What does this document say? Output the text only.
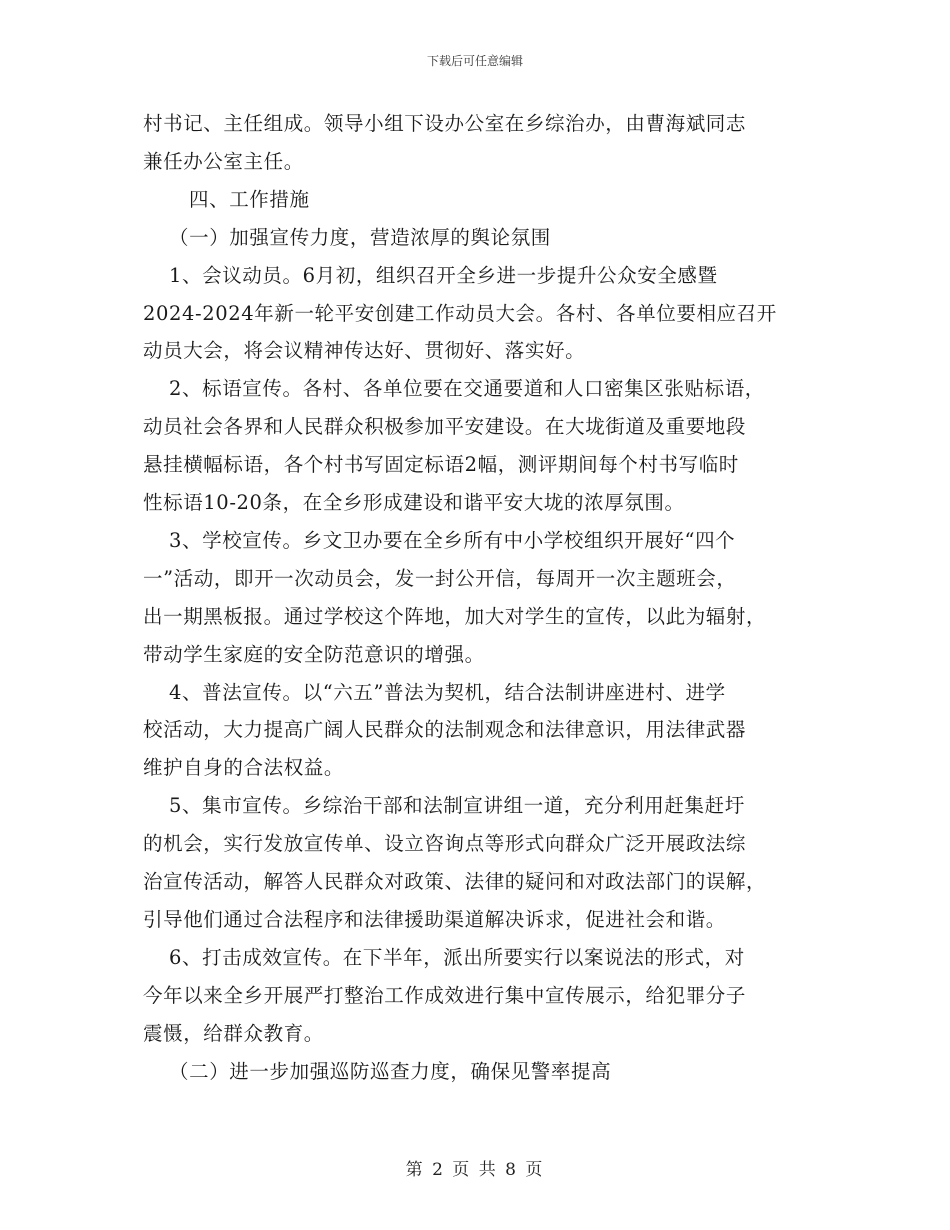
下载后可任意编辑
村书记、主任组成。领导小组下设办公室在乡综治办，由曹海斌同志
兼任办公室主任。
四、工作措施
（一）加强宣传力度，营造浓厚的舆论氛围
1、会议动员。6月初，组织召开全乡进一步提升公众安全感暨
2024-2024年新一轮平安创建工作动员大会。各村、各单位要相应召开
动员大会，将会议精神传达好、贯彻好、落实好。
2、标语宣传。各村、各单位要在交通要道和人口密集区张贴标语，
动员社会各界和人民群众积极参加平安建设。在大垅街道及重要地段
悬挂横幅标语，各个村书写固定标语2幅，测评期间每个村书写临时
性标语10-20条，在全乡形成建设和谐平安大垅的浓厚氛围。
3、学校宣传。乡文卫办要在全乡所有中小学校组织开展好“四个
一”活动，即开一次动员会，发一封公开信，每周开一次主题班会，
出一期黑板报。通过学校这个阵地，加大对学生的宣传，以此为辐射，
带动学生家庭的安全防范意识的增强。
4、普法宣传。以“六五”普法为契机，结合法制讲座进村、进学
校活动，大力提高广阔人民群众的法制观念和法律意识，用法律武器
维护自身的合法权益。
5、集市宣传。乡综治干部和法制宣讲组一道，充分利用赶集赶圩
的机会，实行发放宣传单、设立咨询点等形式向群众广泛开展政法综
治宣传活动，解答人民群众对政策、法律的疑问和对政法部门的误解，
引导他们通过合法程序和法律援助渠道解决诉求，促进社会和谐。
6、打击成效宣传。在下半年，派出所要实行以案说法的形式，对
今年以来全乡开展严打整治工作成效进行集中宣传展示，给犯罪分子
震慑，给群众教育。
（二）进一步加强巡防巡查力度，确保见警率提高
第 2 页 共 8 页
